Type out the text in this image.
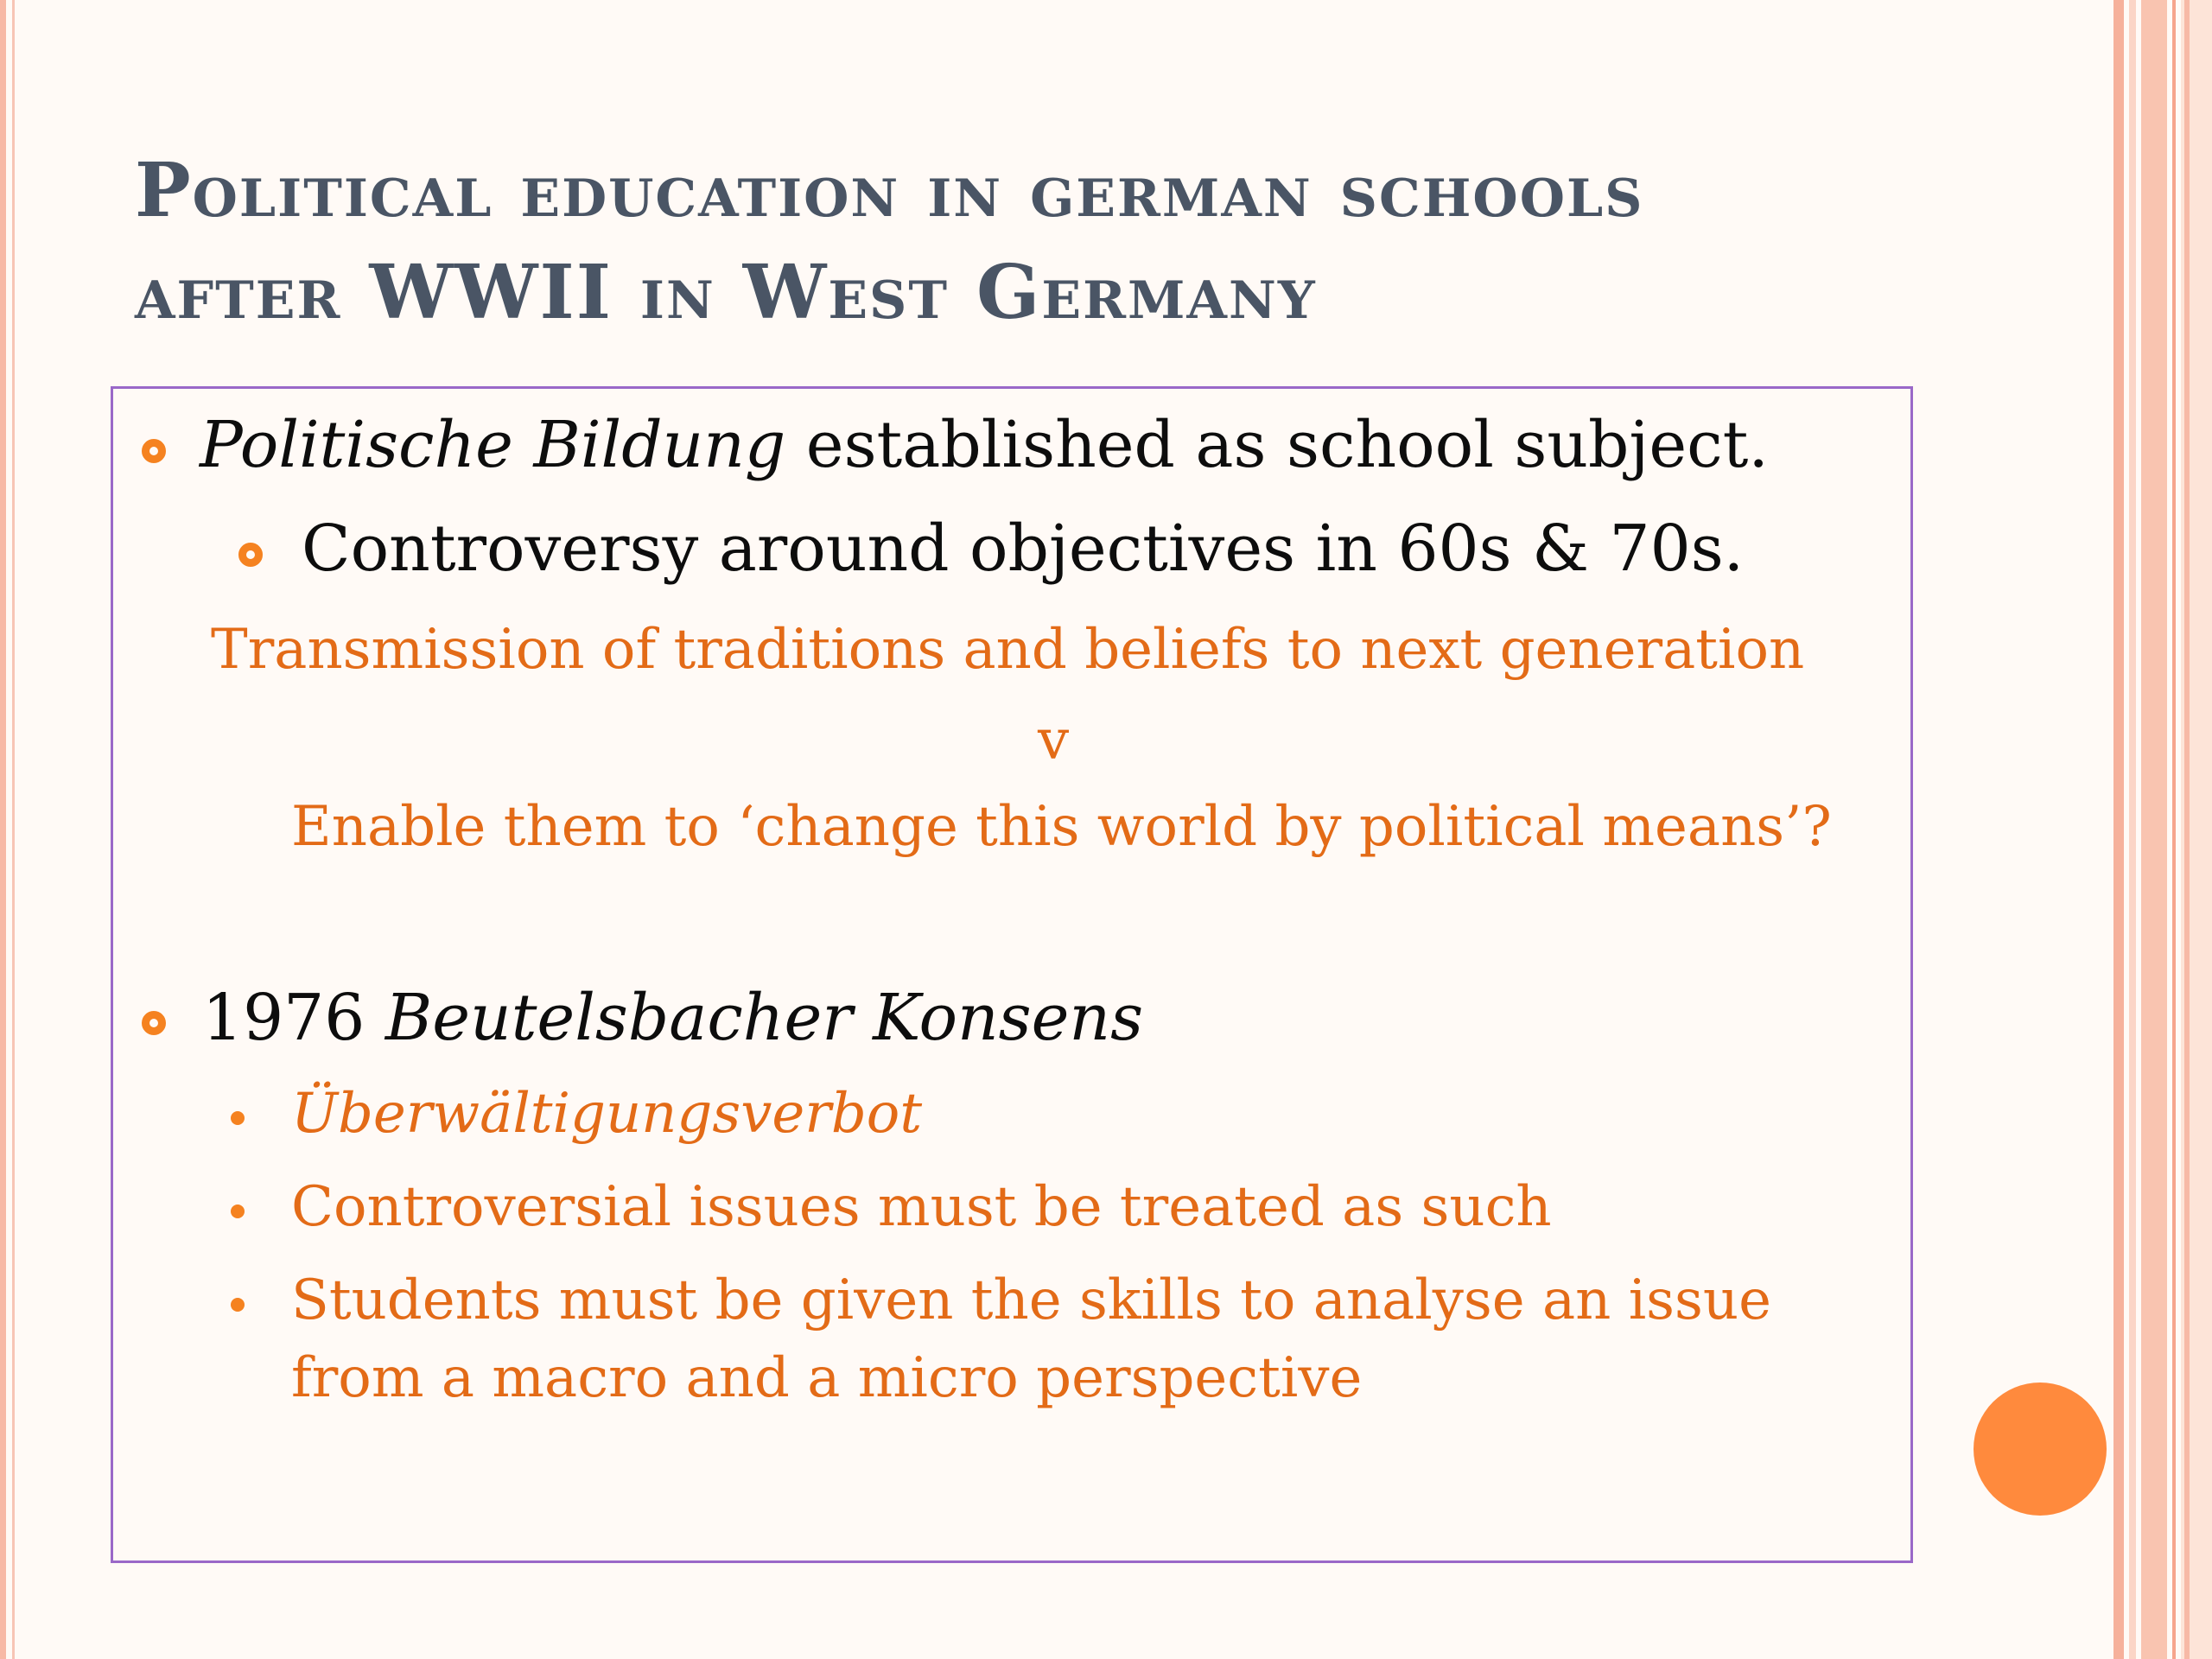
Political education in german schools
after WWII in West Germany
Politische Bildung established as school subject.
Controversy around objectives in 60s & 70s.
Transmission of traditions and beliefs to next generation
v
Enable them to ‘change this world by political means’?
1976 Beutelsbacher Konsens
Überwältigungsverbot
Controversial issues must be treated as such
Students must be given the skills to analyse an issue
from a macro and a micro perspective
